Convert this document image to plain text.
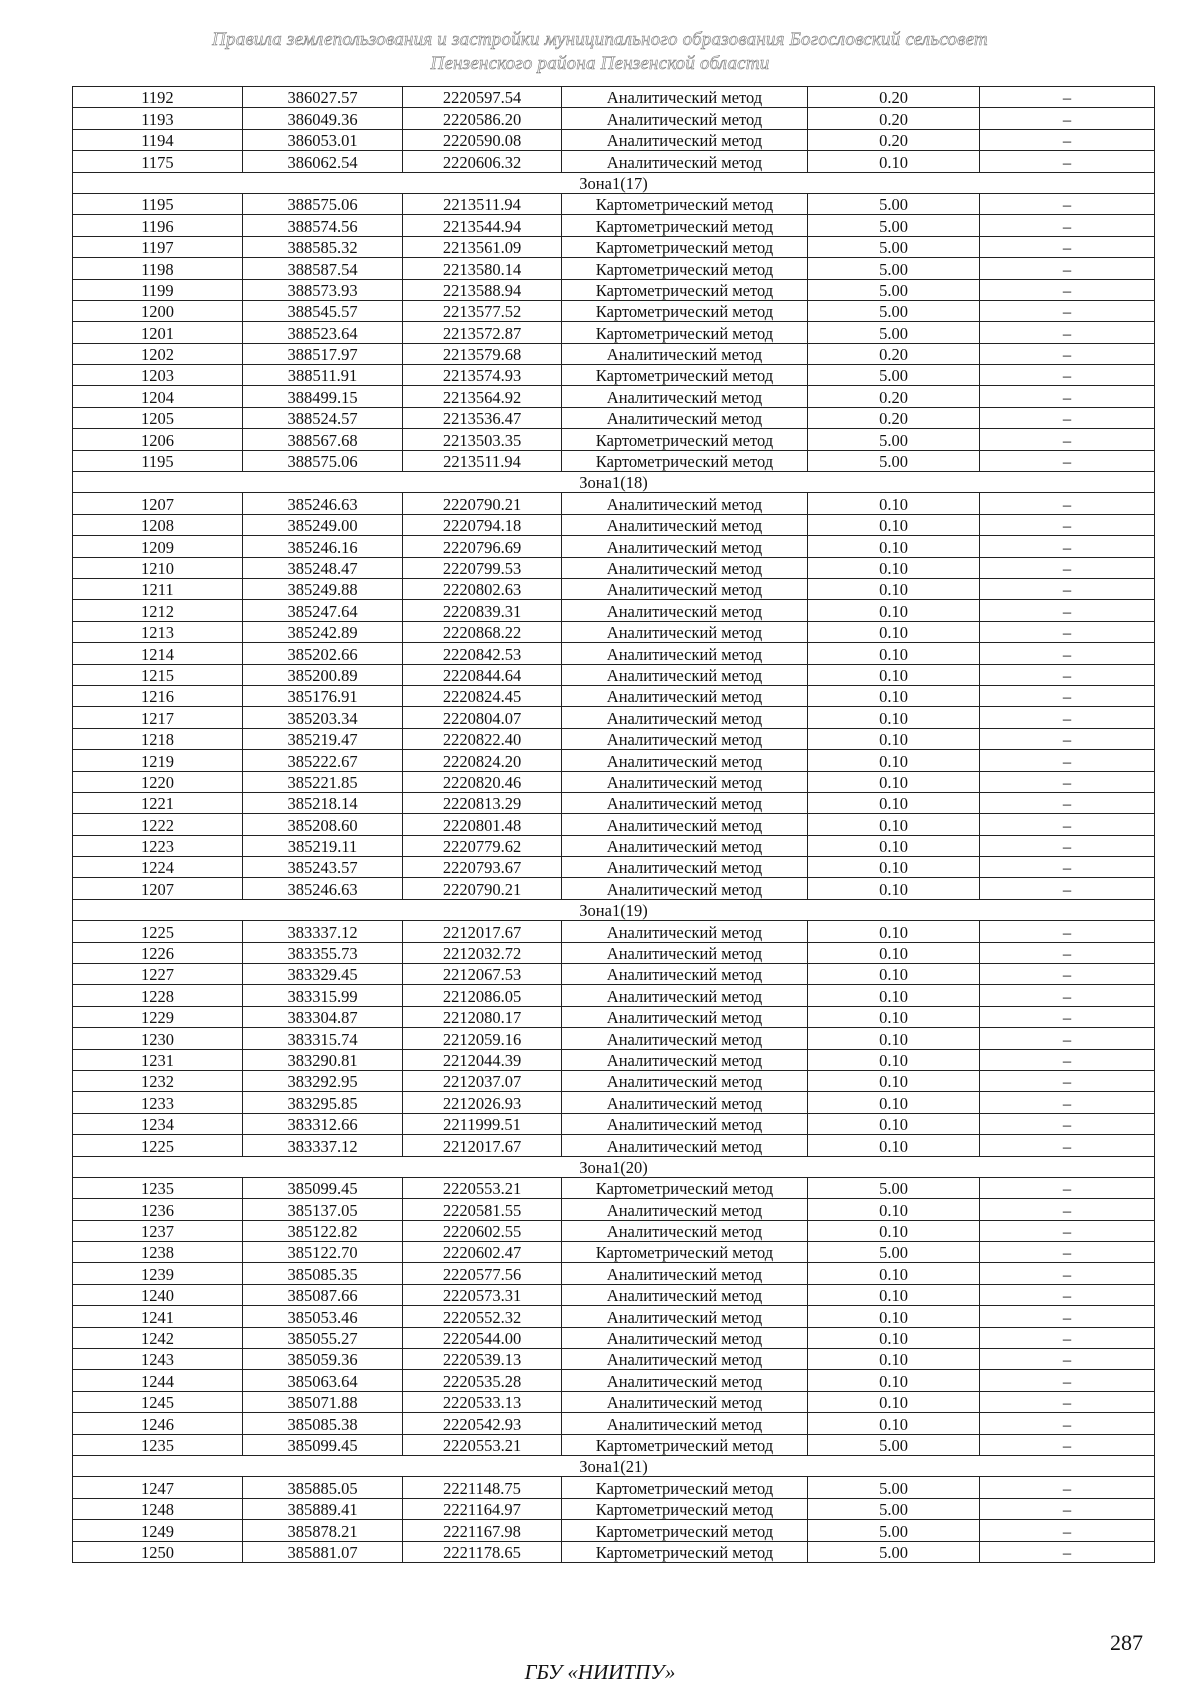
Правила землепользования и застройки муниципального образования Богословский сельсовет
Пензенского района Пензенской области
1192	386027.57	2220597.54	Аналитический метод	0.20	–
1193	386049.36	2220586.20	Аналитический метод	0.20	–
1194	386053.01	2220590.08	Аналитический метод	0.20	–
1175	386062.54	2220606.32	Аналитический метод	0.10	–
Зона1(17)					
1195	388575.06	2213511.94	Картометрический метод	5.00	–
1196	388574.56	2213544.94	Картометрический метод	5.00	–
1197	388585.32	2213561.09	Картометрический метод	5.00	–
1198	388587.54	2213580.14	Картометрический метод	5.00	–
1199	388573.93	2213588.94	Картометрический метод	5.00	–
1200	388545.57	2213577.52	Картометрический метод	5.00	–
1201	388523.64	2213572.87	Картометрический метод	5.00	–
1202	388517.97	2213579.68	Аналитический метод	0.20	–
1203	388511.91	2213574.93	Картометрический метод	5.00	–
1204	388499.15	2213564.92	Аналитический метод	0.20	–
1205	388524.57	2213536.47	Аналитический метод	0.20	–
1206	388567.68	2213503.35	Картометрический метод	5.00	–
1195	388575.06	2213511.94	Картометрический метод	5.00	–
Зона1(18)					
1207	385246.63	2220790.21	Аналитический метод	0.10	–
1208	385249.00	2220794.18	Аналитический метод	0.10	–
1209	385246.16	2220796.69	Аналитический метод	0.10	–
1210	385248.47	2220799.53	Аналитический метод	0.10	–
1211	385249.88	2220802.63	Аналитический метод	0.10	–
1212	385247.64	2220839.31	Аналитический метод	0.10	–
1213	385242.89	2220868.22	Аналитический метод	0.10	–
1214	385202.66	2220842.53	Аналитический метод	0.10	–
1215	385200.89	2220844.64	Аналитический метод	0.10	–
1216	385176.91	2220824.45	Аналитический метод	0.10	–
1217	385203.34	2220804.07	Аналитический метод	0.10	–
1218	385219.47	2220822.40	Аналитический метод	0.10	–
1219	385222.67	2220824.20	Аналитический метод	0.10	–
1220	385221.85	2220820.46	Аналитический метод	0.10	–
1221	385218.14	2220813.29	Аналитический метод	0.10	–
1222	385208.60	2220801.48	Аналитический метод	0.10	–
1223	385219.11	2220779.62	Аналитический метод	0.10	–
1224	385243.57	2220793.67	Аналитический метод	0.10	–
1207	385246.63	2220790.21	Аналитический метод	0.10	–
Зона1(19)					
1225	383337.12	2212017.67	Аналитический метод	0.10	–
1226	383355.73	2212032.72	Аналитический метод	0.10	–
1227	383329.45	2212067.53	Аналитический метод	0.10	–
1228	383315.99	2212086.05	Аналитический метод	0.10	–
1229	383304.87	2212080.17	Аналитический метод	0.10	–
1230	383315.74	2212059.16	Аналитический метод	0.10	–
1231	383290.81	2212044.39	Аналитический метод	0.10	–
1232	383292.95	2212037.07	Аналитический метод	0.10	–
1233	383295.85	2212026.93	Аналитический метод	0.10	–
1234	383312.66	2211999.51	Аналитический метод	0.10	–
1225	383337.12	2212017.67	Аналитический метод	0.10	–
Зона1(20)					
1235	385099.45	2220553.21	Картометрический метод	5.00	–
1236	385137.05	2220581.55	Аналитический метод	0.10	–
1237	385122.82	2220602.55	Аналитический метод	0.10	–
1238	385122.70	2220602.47	Картометрический метод	5.00	–
1239	385085.35	2220577.56	Аналитический метод	0.10	–
1240	385087.66	2220573.31	Аналитический метод	0.10	–
1241	385053.46	2220552.32	Аналитический метод	0.10	–
1242	385055.27	2220544.00	Аналитический метод	0.10	–
1243	385059.36	2220539.13	Аналитический метод	0.10	–
1244	385063.64	2220535.28	Аналитический метод	0.10	–
1245	385071.88	2220533.13	Аналитический метод	0.10	–
1246	385085.38	2220542.93	Аналитический метод	0.10	–
1235	385099.45	2220553.21	Картометрический метод	5.00	–
Зона1(21)					
1247	385885.05	2221148.75	Картометрический метод	5.00	–
1248	385889.41	2221164.97	Картометрический метод	5.00	–
1249	385878.21	2221167.98	Картометрический метод	5.00	–
1250	385881.07	2221178.65	Картометрический метод	5.00	–
287
ГБУ «НИИТПУ»
